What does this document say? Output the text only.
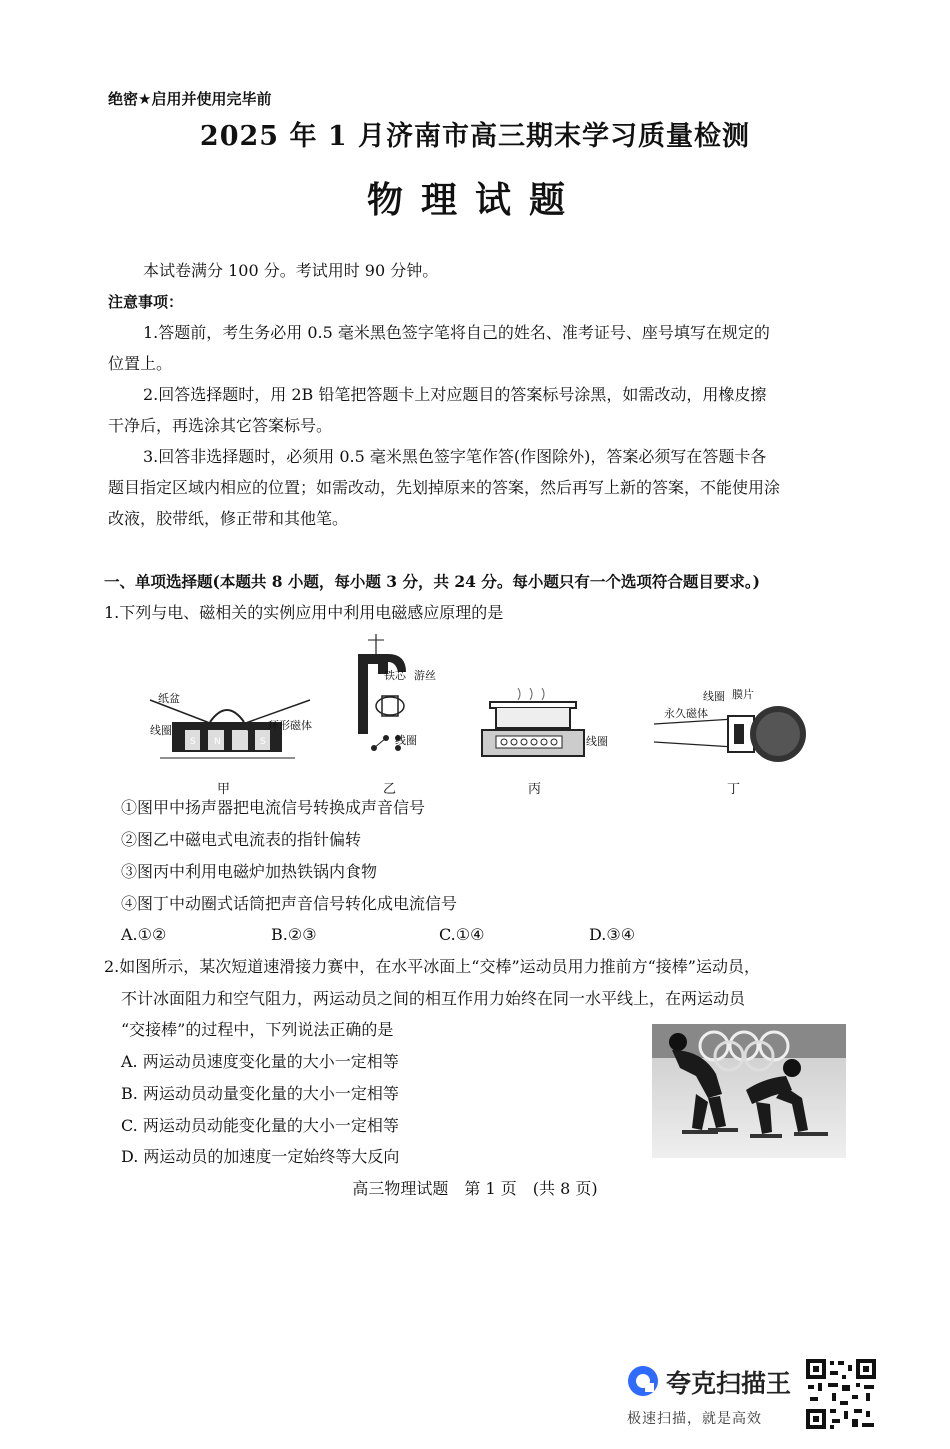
绝密★启用并使用完毕前
2025 年 1 月济南市高三期末学习质量检测
物理试题
本试卷满分 100 分。考试用时 90 分钟。
注意事项：
1.答题前，考生务必用 0.5 毫米黑色签字笔将自己的姓名、准考证号、座号填写在规定的
位置上。
2.回答选择题时，用 2B 铅笔把答题卡上对应题目的答案标号涂黑，如需改动，用橡皮擦
干净后，再选涂其它答案标号。
3.回答非选择题时，必须用 0.5 毫米黑色签字笔作答(作图除外)，答案必须写在答题卡各
题目指定区域内相应的位置；如需改动，先划掉原来的答案，然后再写上新的答案，不能使用涂
改液，胶带纸，修正带和其他笔。
一、单项选择题(本题共 8 小题，每小题 3 分，共 24 分。每小题只有一个选项符合题目要求。)
1.下列与电、磁相关的实例应用中利用电磁感应原理的是
纸盆
线圈	环形磁体
S N	S
甲
铁芯 游丝
线圈
乙
线圈
丙
线圈 膜片
永久磁体
丁
①图甲中扬声器把电流信号转换成声音信号
②图乙中磁电式电流表的指针偏转
③图丙中利用电磁炉加热铁锅内食物
④图丁中动圈式话筒把声音信号转化成电流信号
A.①②	B.②③	C.①④	D.③④
2.如图所示，某次短道速滑接力赛中，在水平冰面上“交棒”运动员用力推前方“接棒”运动员，
不计冰面阻力和空气阻力，两运动员之间的相互作用力始终在同一水平线上，在两运动员
“交接棒”的过程中，下列说法正确的是
A. 两运动员速度变化量的大小一定相等
B. 两运动员动量变化量的大小一定相等
C. 两运动员动能变化量的大小一定相等
D. 两运动员的加速度一定始终等大反向
高三物理试题　第 1 页　(共 8 页)
夸克扫描王
极速扫描，就是高效
